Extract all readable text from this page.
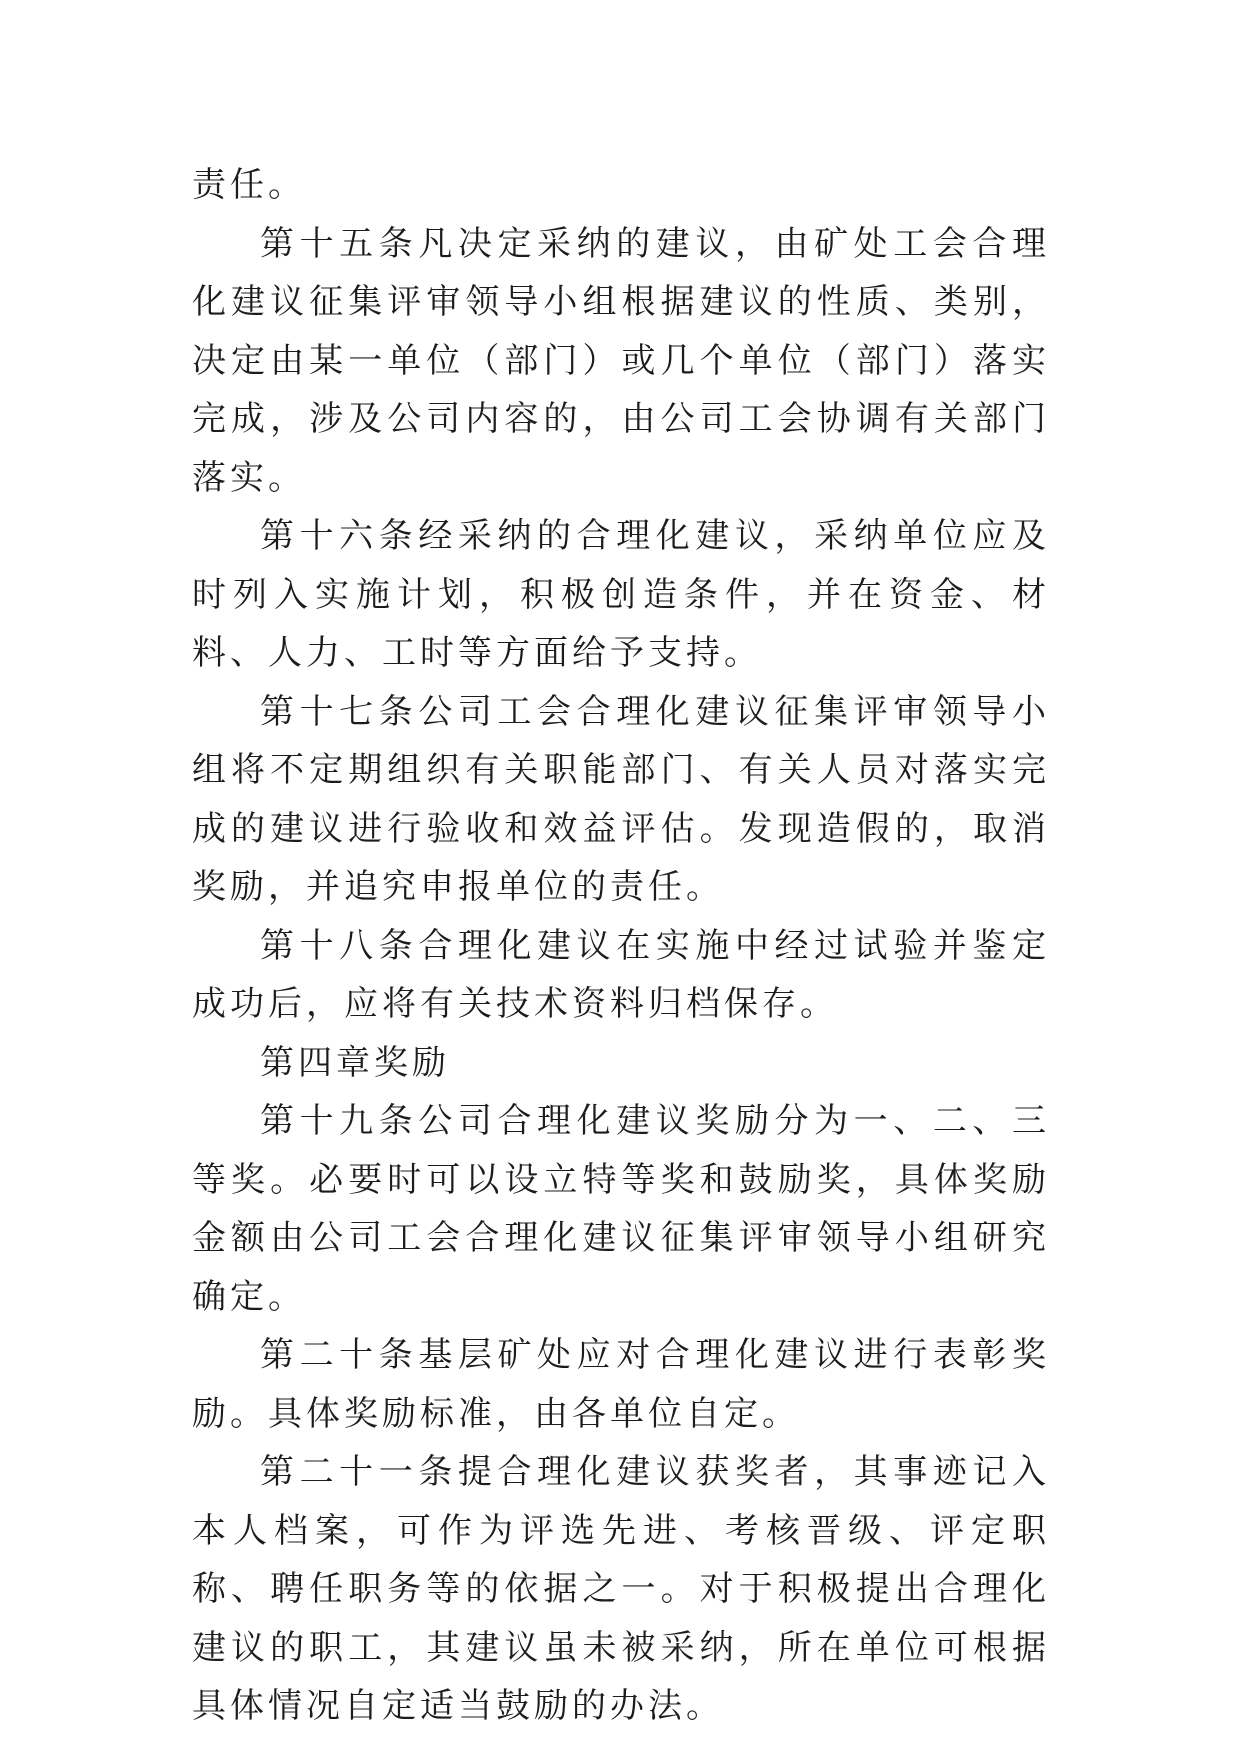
责任。

第十五条凡决定采纳的建议，由矿处工会合理化建议征集评审领导小组根据建议的性质、类别，决定由某一单位（部门）或几个单位（部门）落实完成，涉及公司内容的，由公司工会协调有关部门落实。

第十六条经采纳的合理化建议，采纳单位应及时列入实施计划，积极创造条件，并在资金、材料、人力、工时等方面给予支持。

第十七条公司工会合理化建议征集评审领导小组将不定期组织有关职能部门、有关人员对落实完成的建议进行验收和效益评估。发现造假的，取消奖励，并追究申报单位的责任。

第十八条合理化建议在实施中经过试验并鉴定成功后，应将有关技术资料归档保存。

第四章奖励

第十九条公司合理化建议奖励分为一、二、三等奖。必要时可以设立特等奖和鼓励奖，具体奖励金额由公司工会合理化建议征集评审领导小组研究确定。

第二十条基层矿处应对合理化建议进行表彰奖励。具体奖励标准，由各单位自定。

第二十一条提合理化建议获奖者，其事迹记入本人档案，可作为评选先进、考核晋级、评定职称、聘任职务等的依据之一。对于积极提出合理化建议的职工，其建议虽未被采纳，所在单位可根据具体情况自定适当鼓励的办法。
